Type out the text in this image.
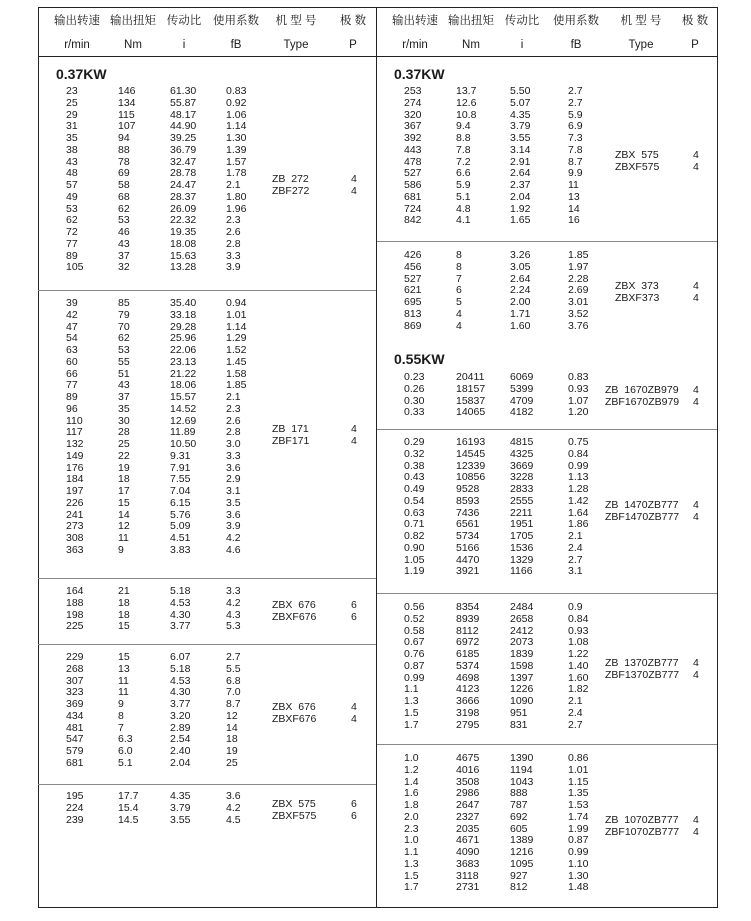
输出转速
r/min
输出扭矩
Nm
传动比
i
使用系数
fB
机 型 号
Type
极 数
P
输出转速
r/min
输出扭矩
Nm
传动比
i
使用系数
fB
机 型 号
Type
极 数
P
0.37KW
23
25
29
31
35
38
43
48
57
49
53
62
72
77
89
105
146
134
115
107
94
88
78
69
58
68
62
53
46
43
37
32
61.30
55.87
48.17
44.90
39.25
36.79
32.47
28.78
24.47
28.37
26.09
22.32
19.35
18.08
15.63
13.28
0.83
0.92
1.06
1.14
1.30
1.39
1.57
1.78
2.1
1.80
1.96
2.3
2.6
2.8
3.3
3.9
ZB  272
ZBF272
4
4
39
42
47
54
63
60
66
77
89
96
110
117
132
149
176
184
197
226
241
273
308
363
85
79
70
62
53
55
51
43
37
35
30
28
25
22
19
18
17
15
14
12
11
9
35.40
33.18
29.28
25.96
22.06
23.13
21.22
18.06
15.57
14.52
12.69
11.89
10.50
9.31
7.91
7.55
7.04
6.15
5.76
5.09
4.51
3.83
0.94
1.01
1.14
1.29
1.52
1.45
1.58
1.85
2.1
2.3
2.6
2.8
3.0
3.3
3.6
2.9
3.1
3.5
3.6
3.9
4.2
4.6
ZB  171
ZBF171
4
4
164
188
198
225
21
18
18
15
5.18
4.53
4.30
3.77
3.3
4.2
4.3
5.3
ZBX  676
ZBXF676
6
6
229
268
307
323
369
434
481
547
579
681
15
13
11
11
9
8
7
6.3
6.0
5.1
6.07
5.18
4.53
4.30
3.77
3.20
2.89
2.54
2.40
2.04
2.7
5.5
6.8
7.0
8.7
12
14
18
19
25
ZBX  676
ZBXF676
4
4
195
224
239
17.7
15.4
14.5
4.35
3.79
3.55
3.6
4.2
4.5
ZBX  575
ZBXF575
6
6
0.37KW
253
274
320
367
392
443
478
527
586
681
724
842
13.7
12.6
10.8
9.4
8.8
7.8
7.2
6.6
5.9
5.1
4.8
4.1
5.50
5.07
4.35
3.79
3.55
3.14
2.91
2.64
2.37
2.04
1.92
1.65
2.7
2.7
5.9
6.9
7.3
7.8
8.7
9.9
11
13
14
16
ZBX  575
ZBXF575
4
4
426
456
527
621
695
813
869
8
8
7
6
5
4
4
3.26
3.05
2.64
2.24
2.00
1.71
1.60
1.85
1.97
2.28
2.69
3.01
3.52
3.76
ZBX  373
ZBXF373
4
4
0.55KW
0.23
0.26
0.30
0.33
20411
18157
15837
14065
6069
5399
4709
4182
0.83
0.93
1.07
1.20
ZB  1670ZB979
ZBF1670ZB979
4
4
0.29
0.32
0.38
0.43
0.49
0.54
0.63
0.71
0.82
0.90
1.05
1.19
16193
14545
12339
10856
9528
8593
7436
6561
5734
5166
4470
3921
4815
4325
3669
3228
2833
2555
2211
1951
1705
1536
1329
1166
0.75
0.84
0.99
1.13
1.28
1.42
1.64
1.86
2.1
2.4
2.7
3.1
ZB  1470ZB777
ZBF1470ZB777
4
4
0.56
0.52
0.58
0.67
0.76
0.87
0.99
1.1
1.3
1.5
1.7
8354
8939
8112
6972
6185
5374
4698
4123
3666
3198
2795
2484
2658
2412
2073
1839
1598
1397
1226
1090
951
831
0.9
0.84
0.93
1.08
1.22
1.40
1.60
1.82
2.1
2.4
2.7
ZB  1370ZB777
ZBF1370ZB777
4
4
1.0
1.2
1.4
1.6
1.8
2.0
2.3
1.0
1.1
1.3
1.5
1.7
4675
4016
3508
2986
2647
2327
2035
4671
4090
3683
3118
2731
1390
1194
1043
888
787
692
605
1389
1216
1095
927
812
0.86
1.01
1.15
1.35
1.53
1.74
1.99
0.87
0.99
1.10
1.30
1.48
ZB  1070ZB777
ZBF1070ZB777
4
4
